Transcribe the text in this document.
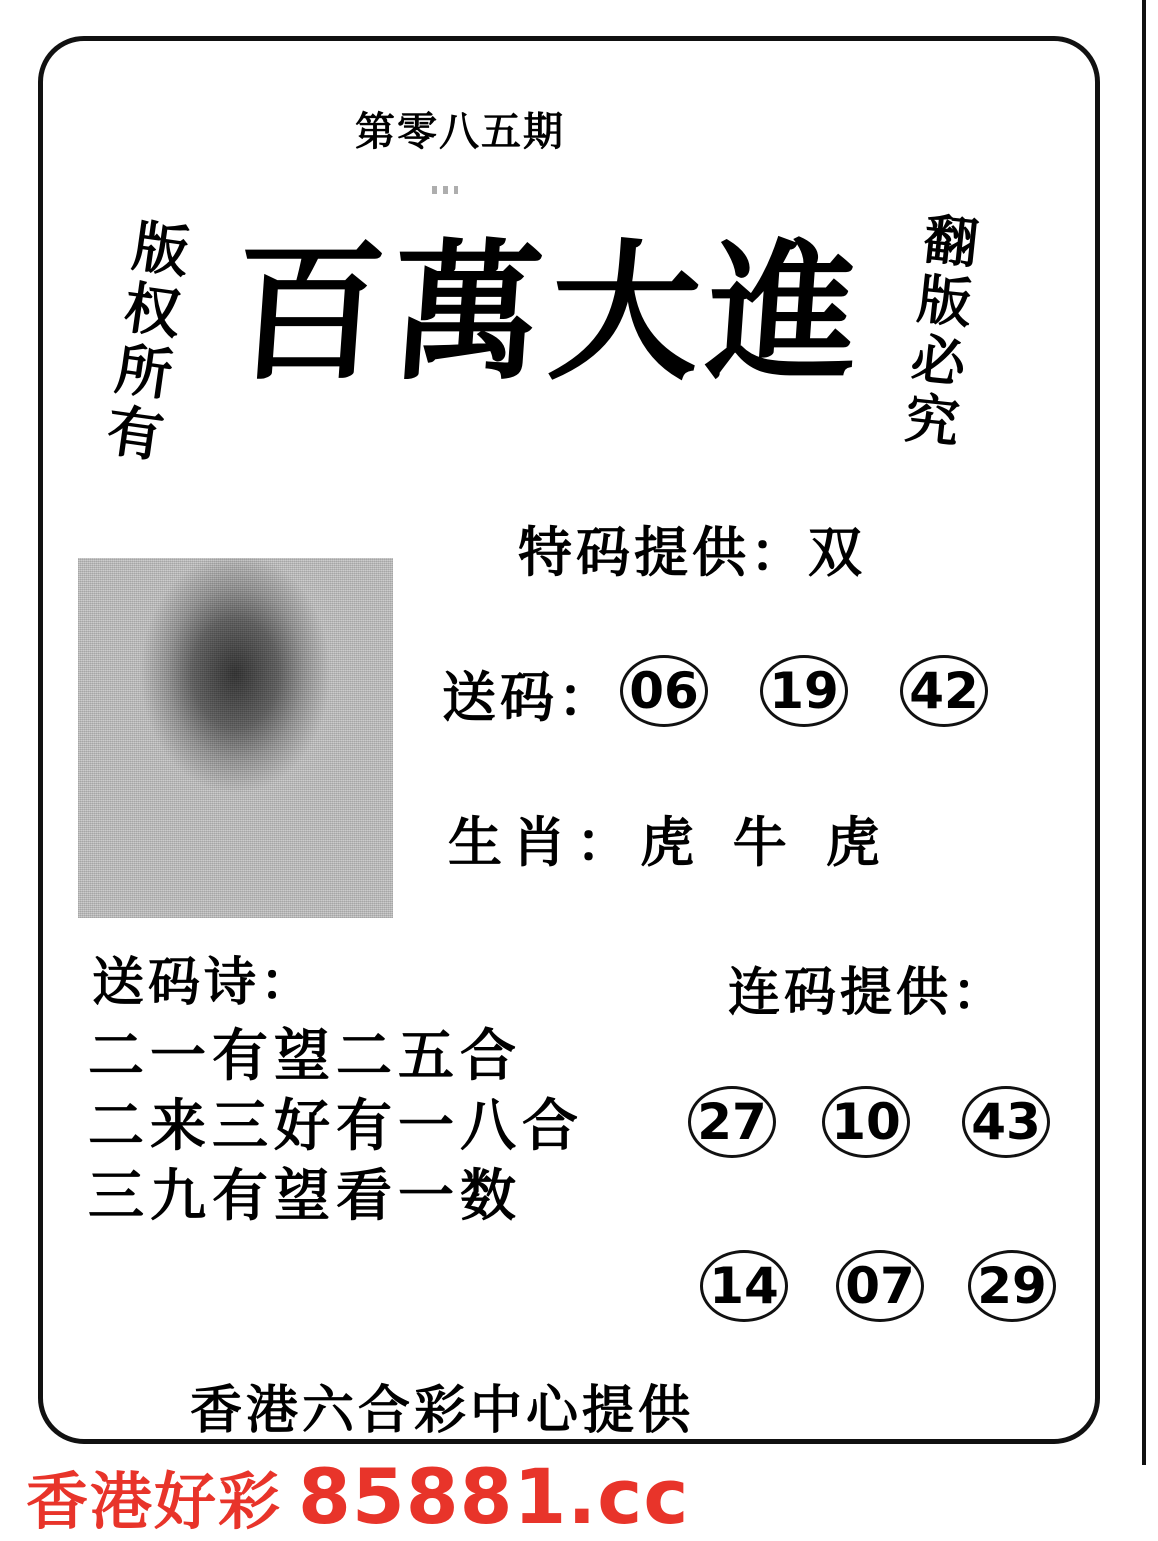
第零八五期
版权所有	翻版必究
百萬大進
特码提供：双
送码： 06 19 42
生肖：虎 牛 虎
送码诗：
二一有望二五合
二来三好有一八合
三九有望看一数
连码提供：
27 10 43
14 07 29
香港六合彩中心提供
香港好彩 85881.cc
